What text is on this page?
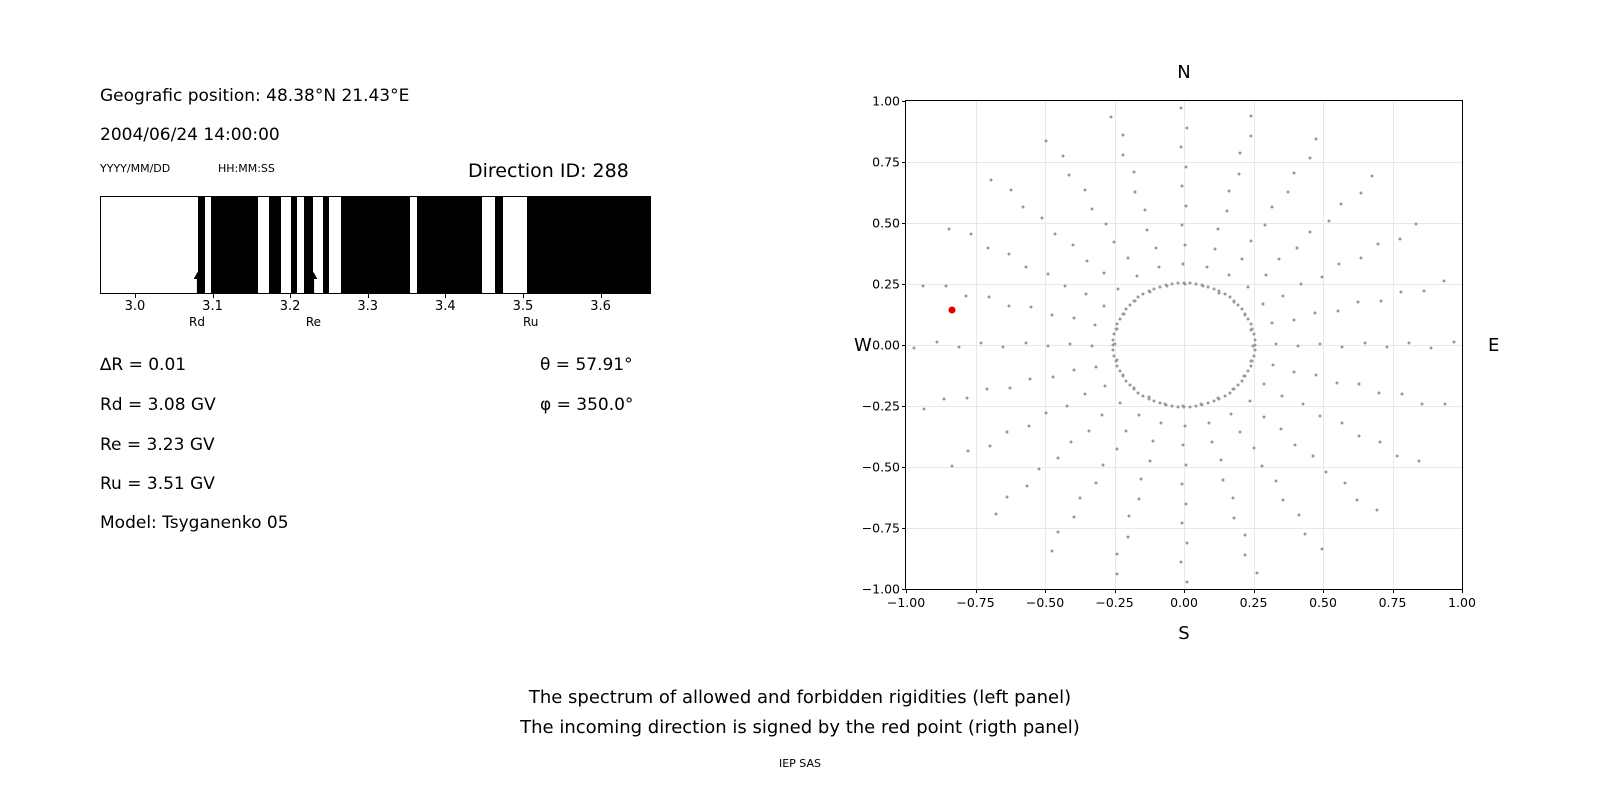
Geografic position: 48.38°N 21.43°E
2004/06/24 14:00:00
YYYY/MM/DD	HH:MM:SS	Direction ID: 288
3.0	3.1	3.2	3.3	3.4	3.5	3.6
Rd	Re	Ru
∆R = 0.01
Rd = 3.08 GV
Re = 3.23 GV
Ru = 3.51 GV
Model: Tsyganenko 05
θ = 57.91°
φ = 350.0°
N
S
W	E
−1.00 −0.75 −0.50 −0.25	0.00	0.25	0.50	0.75	1.00
−1.00
−0.75
−0.50
−0.25
0.00
0.25
0.50
0.75
1.00
The spectrum of allowed and forbidden rigidities (left panel)
The incoming direction is signed by the red point (rigth panel)
IEP SAS
